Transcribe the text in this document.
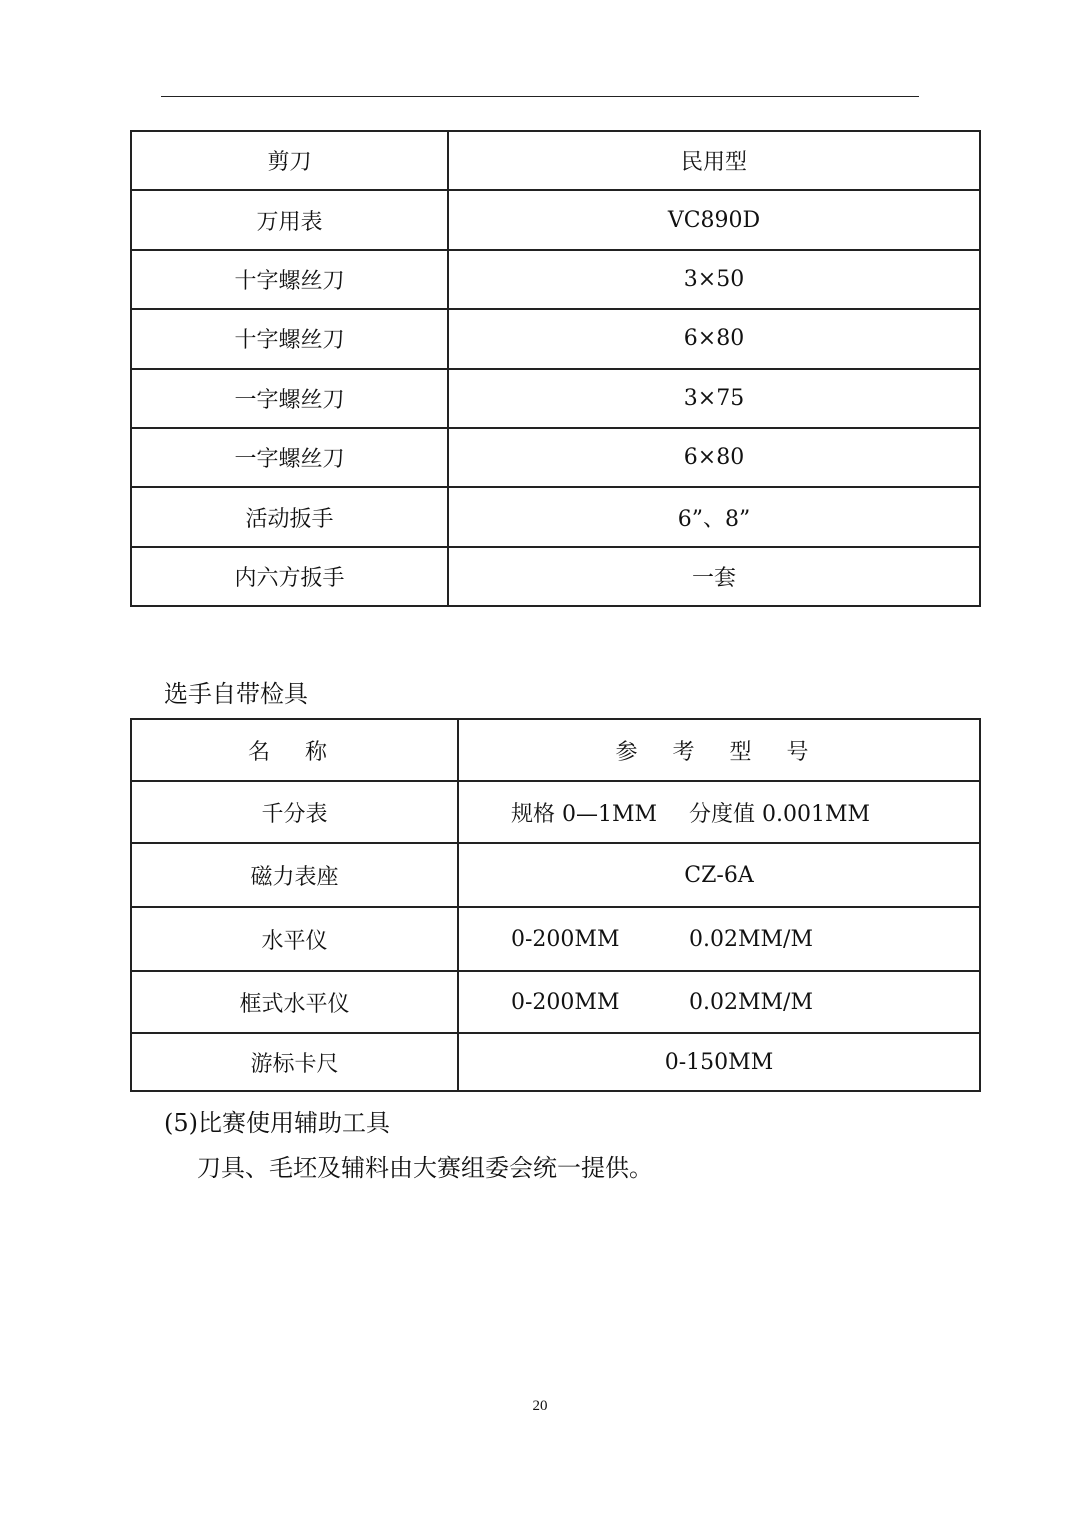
剪刀	民用型
万用表	VC890D
十字螺丝刀	3×50
十字螺丝刀	6×80
一字螺丝刀	3×75
一字螺丝刀	6×80
活动扳手	6”、8”
内六方扳手	一套
选手自带检具
名 称	参 考 型 号
千分表	规格 0—1MM 分度值 0.001MM
磁力表座	CZ-6A
水平仪	0-200MM 0.02MM/M
框式水平仪	0-200MM 0.02MM/M
游标卡尺	0-150MM
(5)比赛使用辅助工具
刀具、毛坯及辅料由大赛组委会统一提供。
20
